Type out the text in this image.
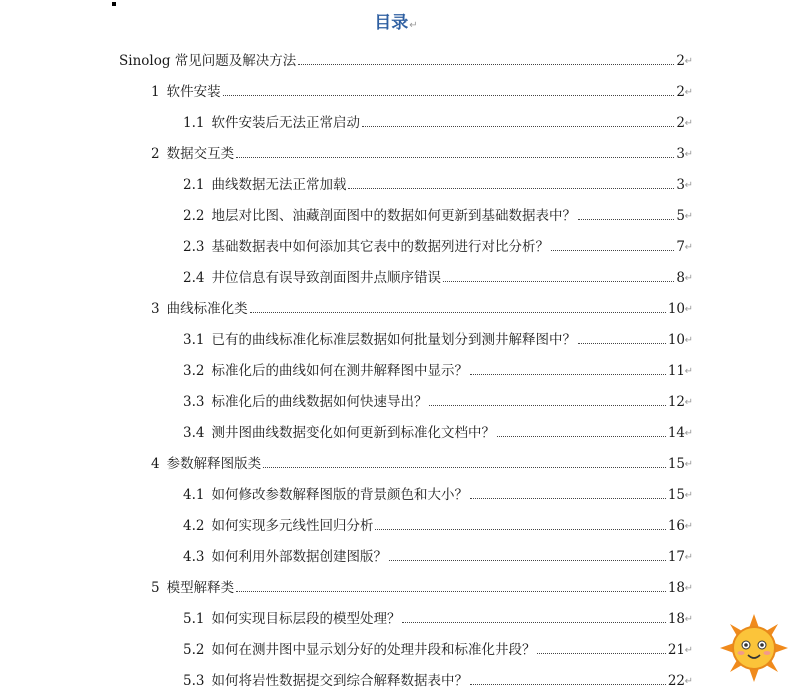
目录↵
Sinolog 常见问题及解决方法	2 ↵
1 软件安装	2 ↵
1.1 软件安装后无法正常启动	2 ↵
2 数据交互类	3 ↵
2.1 曲线数据无法正常加载	3 ↵
2.2 地层对比图、油藏剖面图中的数据如何更新到基础数据表中？	5 ↵
2.3 基础数据表中如何添加其它表中的数据列进行对比分析？	7 ↵
2.4 井位信息有误导致剖面图井点顺序错误	8 ↵
3 曲线标准化类	10 ↵
3.1 已有的曲线标准化标准层数据如何批量划分到测井解释图中？	10 ↵
3.2 标准化后的曲线如何在测井解释图中显示？	11 ↵
3.3 标准化后的曲线数据如何快速导出？	12 ↵
3.4 测井图曲线数据变化如何更新到标准化文档中？	14 ↵
4 参数解释图版类	15 ↵
4.1 如何修改参数解释图版的背景颜色和大小？	15 ↵
4.2 如何实现多元线性回归分析	16 ↵
4.3 如何利用外部数据创建图版？	17 ↵
5 模型解释类	18 ↵
5.1 如何实现目标层段的模型处理？	18 ↵
5.2 如何在测井图中显示划分好的处理井段和标准化井段？	21 ↵
5.3 如何将岩性数据提交到综合解释数据表中？	22 ↵
